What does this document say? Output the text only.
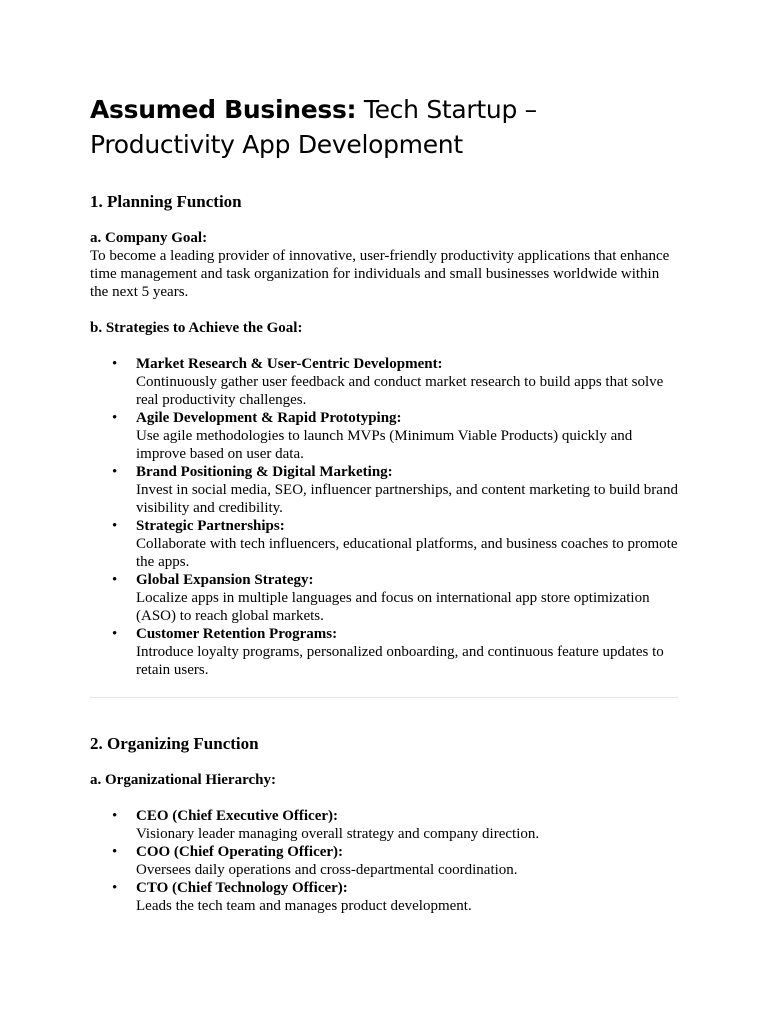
Assumed Business: Tech Startup – Productivity App Development
1. Planning Function
a. Company Goal:

To become a leading provider of innovative, user-friendly productivity applications that enhance time management and task organization for individuals and small businesses worldwide within the next 5 years.

b. Strategies to Achieve the Goal:
• Market Research & User-Centric Development:
Continuously gather user feedback and conduct market research to build apps that solve real productivity challenges.
• Agile Development & Rapid Prototyping:
Use agile methodologies to launch MVPs (Minimum Viable Products) quickly and improve based on user data.
• Brand Positioning & Digital Marketing:
Invest in social media, SEO, influencer partnerships, and content marketing to build brand visibility and credibility.
• Strategic Partnerships:
Collaborate with tech influencers, educational platforms, and business coaches to promote the apps.
• Global Expansion Strategy:
Localize apps in multiple languages and focus on international app store optimization (ASO) to reach global markets.
• Customer Retention Programs:
Introduce loyalty programs, personalized onboarding, and continuous feature updates to retain users.
2. Organizing Function
a. Organizational Hierarchy:
• CEO (Chief Executive Officer):
Visionary leader managing overall strategy and company direction.
• COO (Chief Operating Officer):
Oversees daily operations and cross-departmental coordination.
• CTO (Chief Technology Officer):
Leads the tech team and manages product development.
